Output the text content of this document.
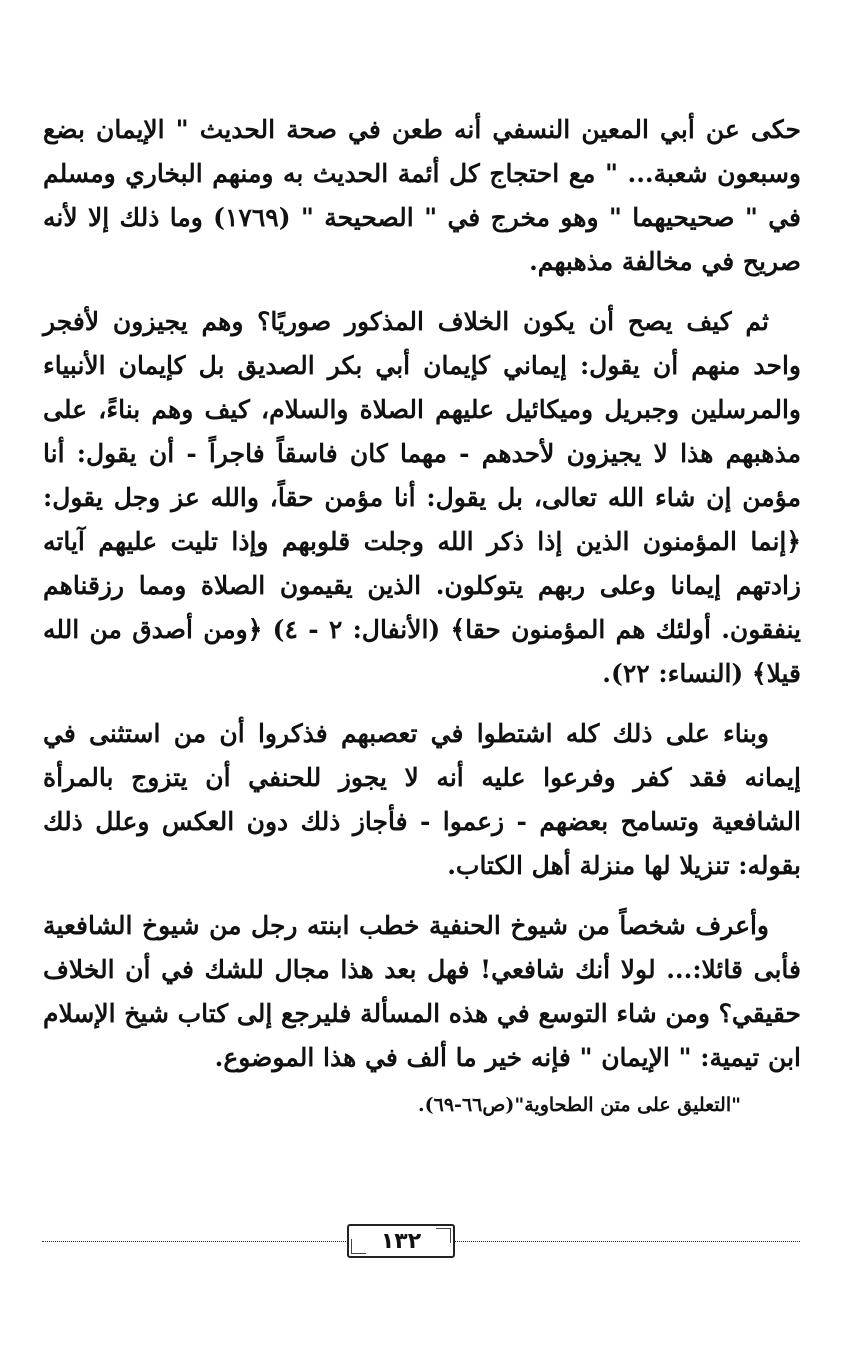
حكى عن أبي المعين النسفي أنه طعن في صحة الحديث " الإيمان بضع وسبعون شعبة... " مع احتجاج كل أئمة الحديث به ومنهم البخاري ومسلم في " صحيحيهما " وهو مخرج في " الصحيحة " (١٧٦٩) وما ذلك إلا لأنه صريح في مخالفة مذهبهم.

ثم كيف يصح أن يكون الخلاف المذكور صوريًا؟ وهم يجيزون لأفجر واحد منهم أن يقول: إيماني كإيمان أبي بكر الصديق بل كإيمان الأنبياء والمرسلين وجبريل وميكائيل عليهم الصلاة والسلام، كيف وهم بناءً، على مذهبهم هذا لا يجيزون لأحدهم - مهما كان فاسقاً فاجراً - أن يقول: أنا مؤمن إن شاء الله تعالى، بل يقول: أنا مؤمن حقاً، والله عز وجل يقول: ﴿إنما المؤمنون الذين إذا ذكر الله وجلت قلوبهم وإذا تليت عليهم آياته زادتهم إيمانا وعلى ربهم يتوكلون. الذين يقيمون الصلاة ومما رزقناهم ينفقون. أولئك هم المؤمنون حقا﴾ (الأنفال: ٢ - ٤) ﴿ومن أصدق من الله قيلا﴾ (النساء: ٢٢).

وبناء على ذلك كله اشتطوا في تعصبهم فذكروا أن من استثنى في إيمانه فقد كفر وفرعوا عليه أنه لا يجوز للحنفي أن يتزوج بالمرأة الشافعية وتسامح بعضهم - زعموا - فأجاز ذلك دون العكس وعلل ذلك بقوله: تنزيلا لها منزلة أهل الكتاب.

وأعرف شخصاً من شيوخ الحنفية خطب ابنته رجل من شيوخ الشافعية فأبى قائلا:... لولا أنك شافعي! فهل بعد هذا مجال للشك في أن الخلاف حقيقي؟ ومن شاء التوسع في هذه المسألة فليرجع إلى كتاب شيخ الإسلام ابن تيمية: " الإيمان " فإنه خير ما ألف في هذا الموضوع.

"التعليق على متن الطحاوية"(ص٦٦-٦٩).
١٣٢
